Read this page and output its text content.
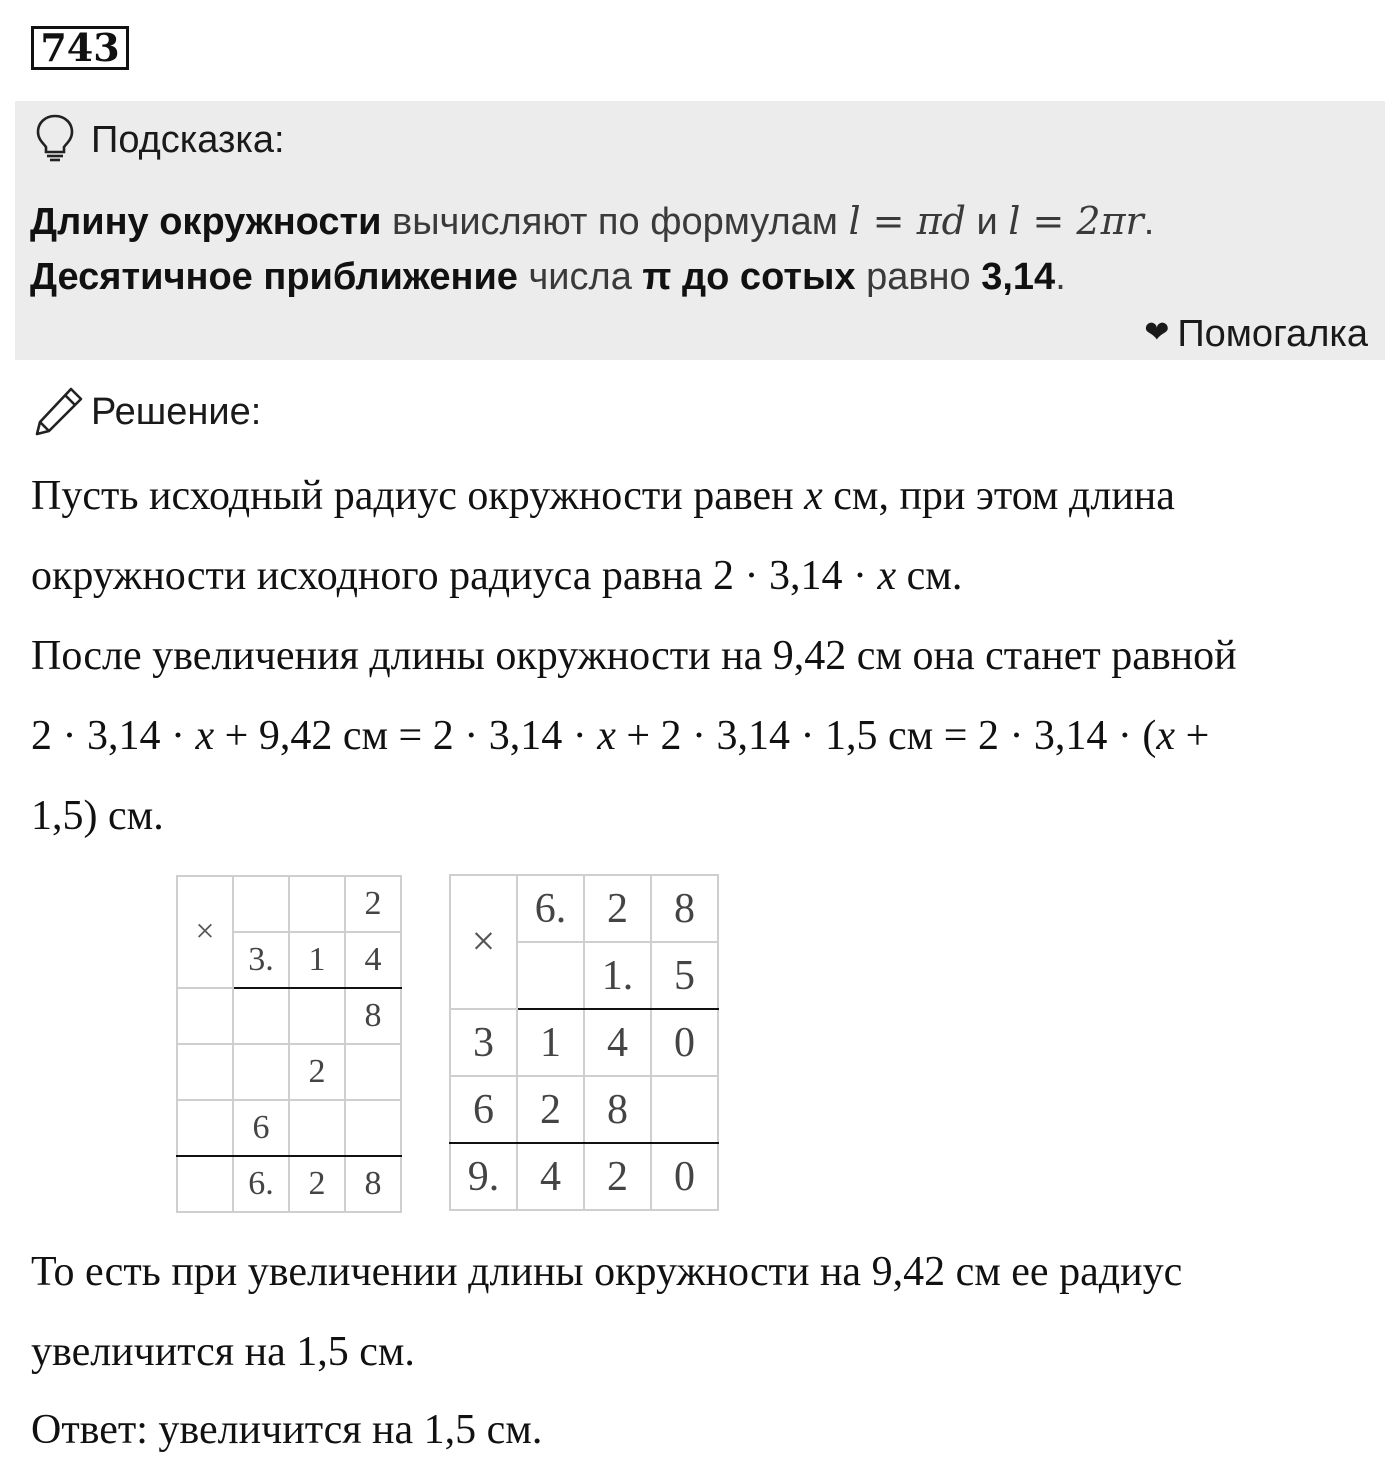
743
Подсказка:
Длину окружности вычисляют по формулам l = πd и l = 2πr.
Десятичное приближение числа π до сотых равно 3,14.
❤ Помогалка
Решение:
Пусть исходный радиус окружности равен x см, при этом длина
окружности исходного радиуса равна 2 · 3,14 · x см.
После увеличения длины окружности на 9,42 см она станет равной
2 · 3,14 · x + 9,42 см = 2 · 3,14 · x + 2 · 3,14 · 1,5 см = 2 · 3,14 · (x +
1,5) см.
×			2
	3.	1	4
			8
		2	
	6		
	6.	2	8
×	6.	2	8
		1.	5
3	1	4	0
6	2	8	
9.	4	2	0
То есть при увеличении длины окружности на 9,42 см ее радиус
увеличится на 1,5 см.
Ответ: увеличится на 1,5 см.
